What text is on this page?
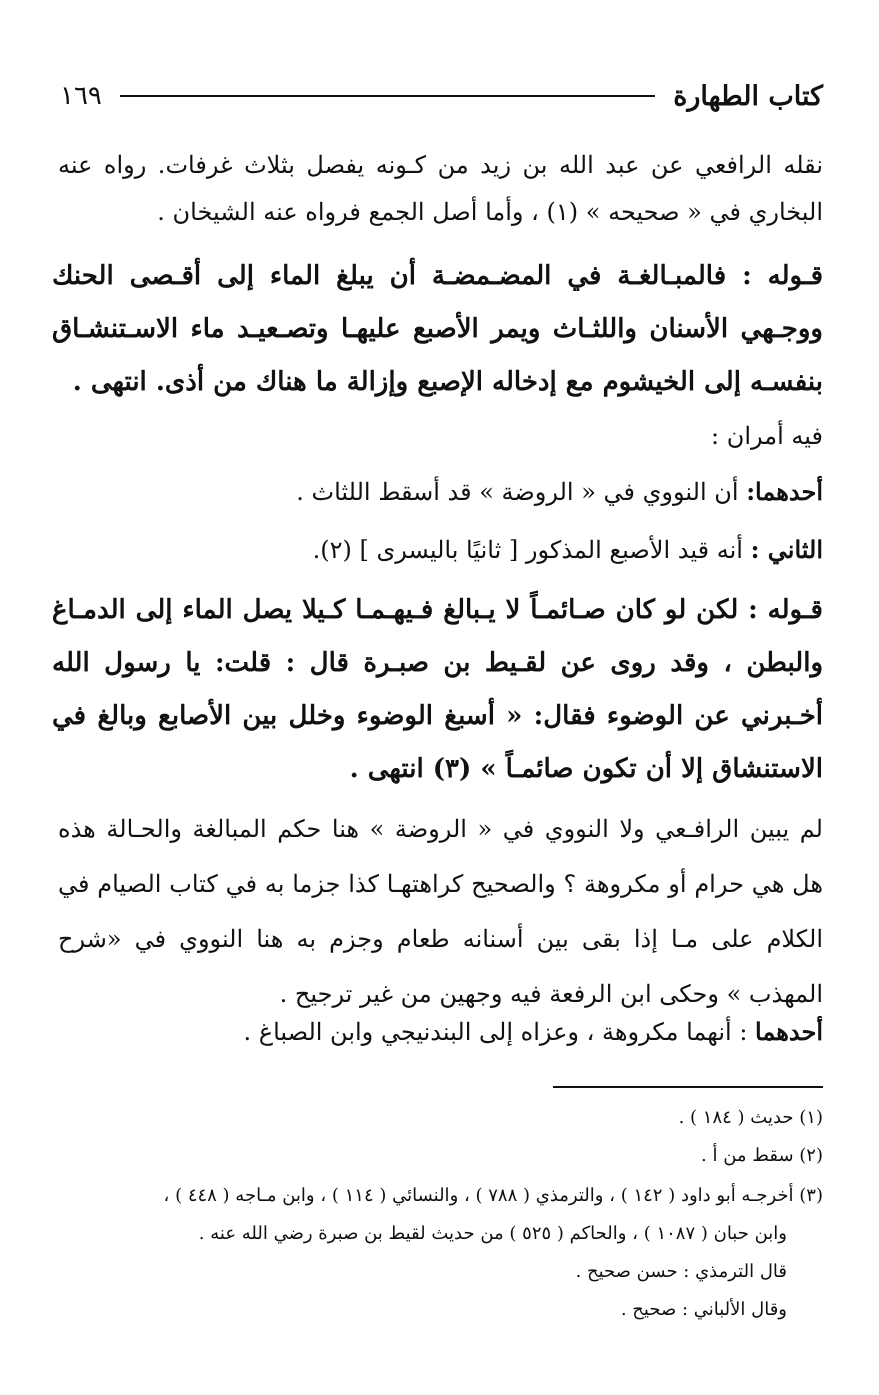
كتاب الطهارة
١٦٩
نقله الرافعي عن عبد الله بن زيد من كـونه يفصل بثلاث غرفات. رواه عنه البخاري في « صحيحه » (١) ، وأما أصل الجمع فرواه عنه الشيخان .
قـوله : فالمبـالغـة في المضـمضـة أن يبلغ الماء إلى أقـصى الحنك ووجـهي الأسنان واللثـاث ويمر الأصبع عليهـا وتصـعيـد ماء الاسـتنشـاق بنفسـه إلى الخيشوم مع إدخاله الإصبع وإزالة ما هناك من أذى. انتهى .
فيه أمران :
أحدهما: أن النووي في « الروضة » قد أسقط اللثاث .
الثاني : أنه قيد الأصبع المذكور [ ثانيًا باليسرى ] (٢).
قـوله : لكن لو كان صـائمـاً لا يـبالغ فـيهـمـا كـيلا يصل الماء إلى الدمـاغ والبطن ، وقد روى عن لقـيط بن صبـرة قال : قلت: يا رسول الله أخـبرني عن الوضوء فقال: « أسبغ الوضوء وخلل بين الأصابع وبالغ في الاستنشاق إلا أن تكون صائمـاً » (٣) انتهى .
لم يبين الرافـعي ولا النووي في « الروضة » هنا حكم المبالغة والحـالة هذه هل هي حرام أو مكروهة ؟ والصحيح كراهتهـا كذا جزما به في كتاب الصيام في الكلام على مـا إذا بقى بين أسنانه طعام وجزم به هنا النووي في «شرح المهذب » وحكى ابن الرفعة فيه وجهين من غير ترجيح .
أحدهما : أنهما مكروهة ، وعزاه إلى البندنيجي وابن الصباغ .
(١) حديث ( ١٨٤ ) .
(٢) سقط من أ .
(٣) أخرجـه أبو داود ( ١٤٢ ) ، والترمذي ( ٧٨٨ ) ، والنسائي ( ١١٤ ) ، وابن مـاجه ( ٤٤٨ ) ،
وابن حبان ( ١٠٨٧ ) ، والحاكم ( ٥٢٥ ) من حديث لقيط بن صبرة رضي الله عنه .
قال الترمذي : حسن صحيح .
وقال الألباني : صحيح .
